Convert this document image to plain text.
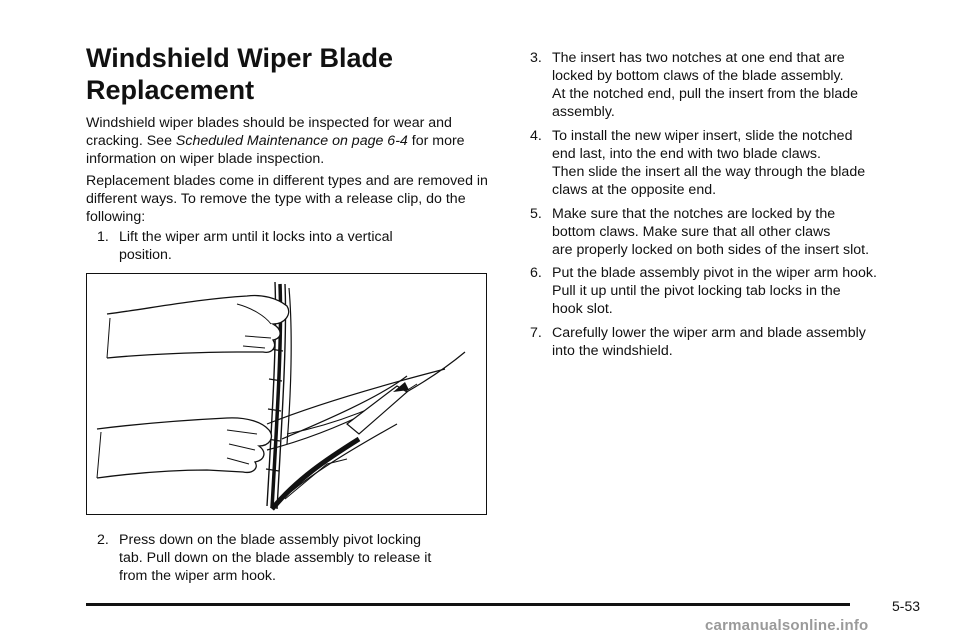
Windshield Wiper Blade Replacement

Windshield wiper blades should be inspected for wear and cracking. See Scheduled Maintenance on page 6-4 for more information on wiper blade inspection.

Replacement blades come in different types and are removed in different ways. To remove the type with a release clip, do the following:

1. Lift the wiper arm until it locks into a vertical
position.
2. Press down on the blade assembly pivot locking
tab. Pull down on the blade assembly to release it
from the wiper arm hook.
3. The insert has two notches at one end that are
locked by bottom claws of the blade assembly.
At the notched end, pull the insert from the blade
assembly.
4. To install the new wiper insert, slide the notched
end last, into the end with two blade claws.
Then slide the insert all the way through the blade
claws at the opposite end.
5. Make sure that the notches are locked by the
bottom claws. Make sure that all other claws
are properly locked on both sides of the insert slot.
6. Put the blade assembly pivot in the wiper arm hook.
Pull it up until the pivot locking tab locks in the
hook slot.
7. Carefully lower the wiper arm and blade assembly
into the windshield.
5-53
carmanualsonline.info
